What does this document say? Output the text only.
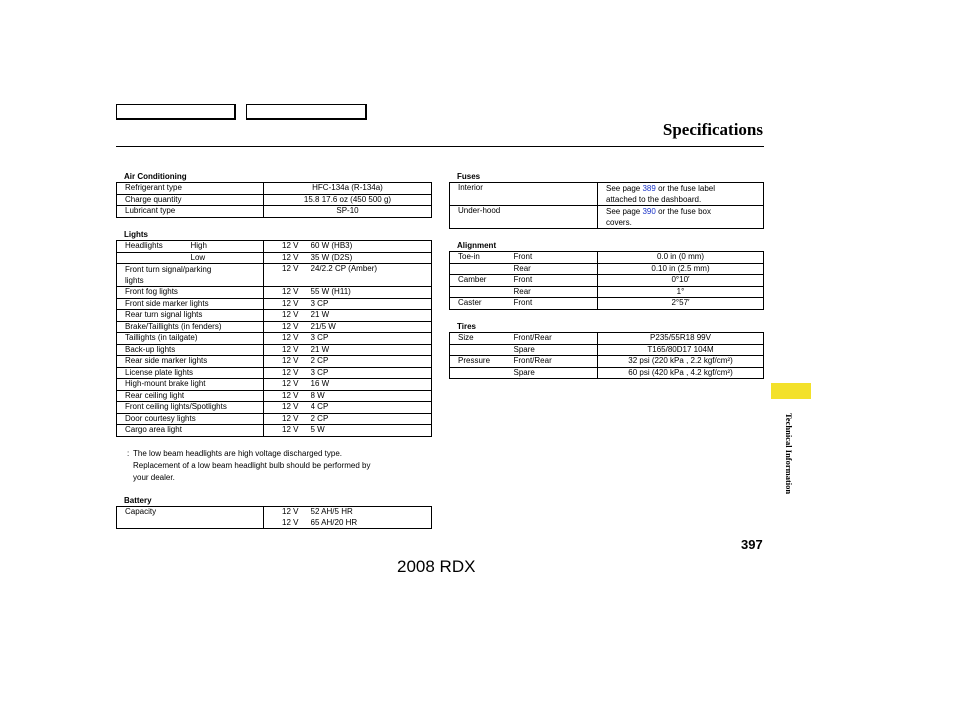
Specifications
Air Conditioning
Refrigerant type	HFC-134a (R-134a)
Charge quantity	15.8 17.6 oz (450 500 g)
Lubricant type	SP-10
Lights
Headlights	High	12 V	60 W (HB3)
	Low	12 V	35 W (D2S)
Front turn signal/parking lights		12 V	24/2.2 CP (Amber)
Front fog lights		12 V	55 W (H11)
Front side marker lights		12 V	3 CP
Rear turn signal lights		12 V	21 W
Brake/Taillights (in fenders)		12 V	21/5 W
Taillights (in tailgate)		12 V	3 CP
Back-up lights		12 V	21 W
Rear side marker lights		12 V	2 CP
License plate lights		12 V	3 CP
High-mount brake light		12 V	16 W
Rear ceiling light		12 V	8 W
Front ceiling lights/Spotlights		12 V	4 CP
Door courtesy lights		12 V	2 CP
Cargo area light		12 V	5 W
: The low beam headlights are high voltage discharged type.
Replacement of a low beam headlight bulb should be performed by
your dealer.
Battery
Capacity	12 V	52 AH/5 HR
	12 V	65 AH/20 HR
Fuses
Interior	See page 389 or the fuse label
attached to the dashboard.
Under-hood	See page 390 or the fuse box
covers.
Alignment
Toe-in	Front	0.0 in (0 mm)
	Rear	0.10 in (2.5 mm)
Camber	Front	0°10′
	Rear	1°
Caster	Front	2°57′
Tires
Size	Front/Rear	P235/55R18 99V
	Spare	T165/80D17 104M
Pressure	Front/Rear	32 psi (220 kPa , 2.2 kgf/cm²)
	Spare	60 psi (420 kPa , 4.2 kgf/cm²)
Technical Information
397
2008 RDX
